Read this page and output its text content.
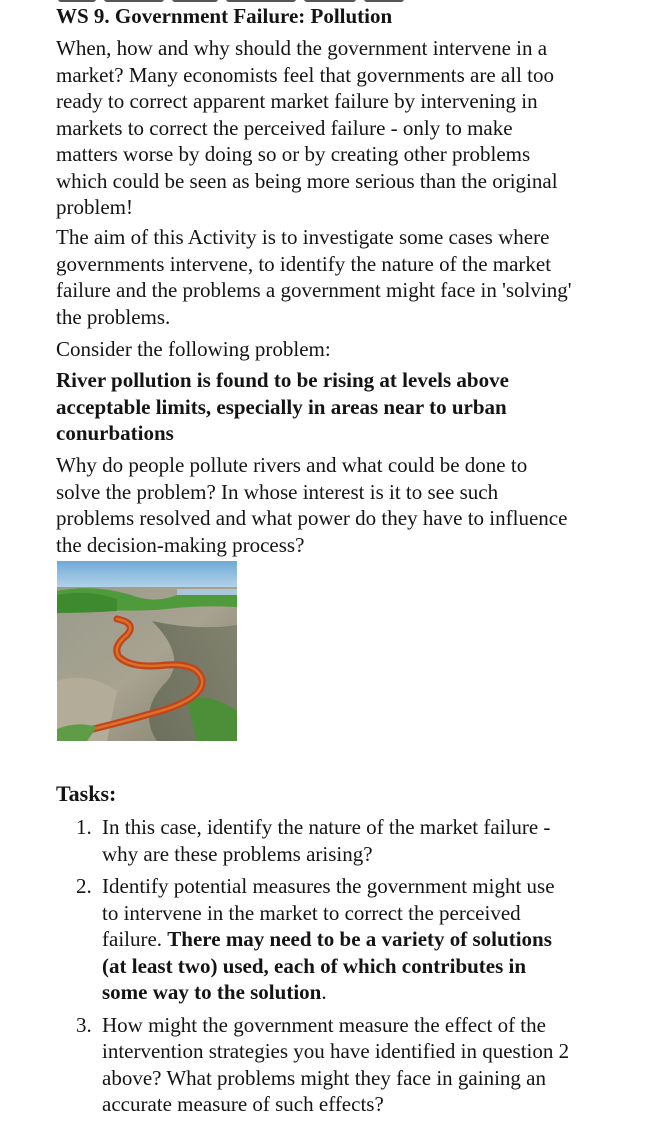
WS 9. Government Failure: Pollution

When, how and why should the government intervene in a market? Many economists feel that governments are all too ready to correct apparent market failure by intervening in markets to correct the perceived failure - only to make matters worse by doing so or by creating other problems which could be seen as being more serious than the original problem!

The aim of this Activity is to investigate some cases where governments intervene, to identify the nature of the market failure and the problems a government might face in 'solving' the problems.

Consider the following problem:

River pollution is found to be rising at levels above acceptable limits, especially in areas near to urban conurbations

Why do people pollute rivers and what could be done to solve the problem? In whose interest is it to see such problems resolved and what power do they have to influence the decision-making process?

Tasks:
1. In this case, identify the nature of the market failure - why are these problems arising?
2. Identify potential measures the government might use to intervene in the market to correct the perceived failure. There may need to be a variety of solutions (at least two) used, each of which contributes in some way to the solution.
3. How might the government measure the effect of the intervention strategies you have identified in question 2 above? What problems might they face in gaining an accurate measure of such effects?
